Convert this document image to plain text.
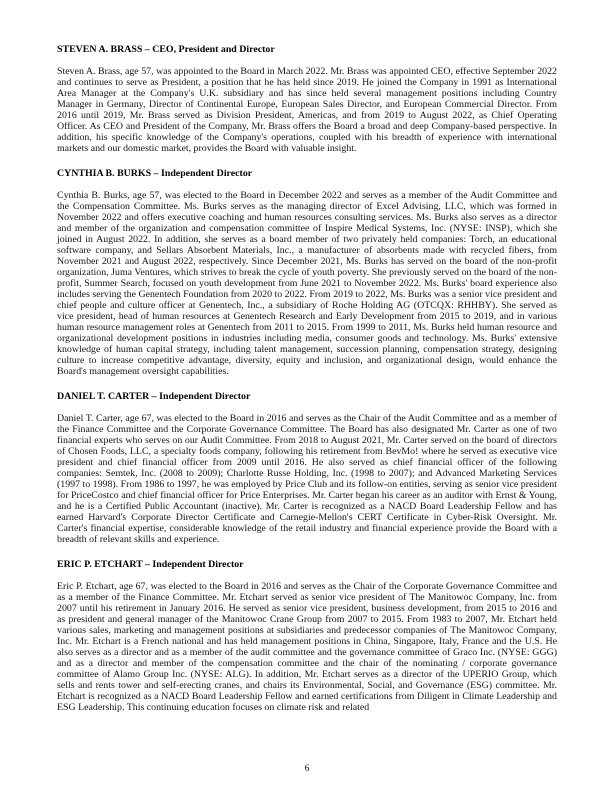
STEVEN A. BRASS – CEO, President and Director

Steven A. Brass, age 57, was appointed to the Board in March 2022. Mr. Brass was appointed CEO, effective September 2022 and continues to serve as President, a position that he has held since 2019. He joined the Company in 1991 as International Area Manager at the Company's U.K. subsidiary and has since held several management positions including Country Manager in Germany, Director of Continental Europe, European Sales Director, and European Commercial Director. From 2016 until 2019, Mr. Brass served as Division President, Americas, and from 2019 to August 2022, as Chief Operating Officer. As CEO and President of the Company, Mr. Brass offers the Board a broad and deep Company-based perspective. In addition, his specific knowledge of the Company's operations, coupled with his breadth of experience with international markets and our domestic market, provides the Board with valuable insight.

CYNTHIA B. BURKS – Independent Director

Cynthia B. Burks, age 57, was elected to the Board in December 2022 and serves as a member of the Audit Committee and the Compensation Committee. Ms. Burks serves as the managing director of Excel Advising, LLC, which was formed in November 2022 and offers executive coaching and human resources consulting services. Ms. Burks also serves as a director and member of the organization and compensation committee of Inspire Medical Systems, Inc. (NYSE: INSP), which she joined in August 2022. In addition, she serves as a board member of two privately held companies: Torch, an educational software company, and Sellars Absorbent Materials, Inc., a manufacturer of absorbents made with recycled fibers, from November 2021 and August 2022, respectively. Since December 2021, Ms. Burks has served on the board of the non-profit organization, Juma Ventures, which strives to break the cycle of youth poverty. She previously served on the board of the non-profit, Summer Search, focused on youth development from June 2021 to November 2022. Ms. Burks' board experience also includes serving the Genentech Foundation from 2020 to 2022. From 2019 to 2022, Ms. Burks was a senior vice president and chief people and culture officer at Genentech, Inc., a subsidiary of Roche Holding AG (OTCQX: RHHBY). She served as vice president, head of human resources at Genentech Research and Early Development from 2015 to 2019, and in various human resource management roles at Genentech from 2011 to 2015. From 1999 to 2011, Ms. Burks held human resource and organizational development positions in industries including media, consumer goods and technology. Ms. Burks' extensive knowledge of human capital strategy, including talent management, succession planning, compensation strategy, designing culture to increase competitive advantage, diversity, equity and inclusion, and organizational design, would enhance the Board's management oversight capabilities.

DANIEL T. CARTER – Independent Director

Daniel T. Carter, age 67, was elected to the Board in 2016 and serves as the Chair of the Audit Committee and as a member of the Finance Committee and the Corporate Governance Committee. The Board has also designated Mr. Carter as one of two financial experts who serves on our Audit Committee. From 2018 to August 2021, Mr. Carter served on the board of directors of Chosen Foods, LLC, a specialty foods company, following his retirement from BevMo! where he served as executive vice president and chief financial officer from 2009 until 2016. He also served as chief financial officer of the following companies: Semtek, Inc. (2008 to 2009); Charlotte Russe Holding, Inc. (1998 to 2007); and Advanced Marketing Services (1997 to 1998). From 1986 to 1997, he was employed by Price Club and its follow-on entities, serving as senior vice president for PriceCostco and chief financial officer for Price Enterprises. Mr. Carter began his career as an auditor with Ernst & Young, and he is a Certified Public Accountant (inactive). Mr. Carter is recognized as a NACD Board Leadership Fellow and has earned Harvard's Corporate Director Certificate and Carnegie-Mellon's CERT Certificate in Cyber-Risk Oversight. Mr. Carter's financial expertise, considerable knowledge of the retail industry and financial experience provide the Board with a breadth of relevant skills and experience.

ERIC P. ETCHART – Independent Director

Eric P. Etchart, age 67, was elected to the Board in 2016 and serves as the Chair of the Corporate Governance Committee and as a member of the Finance Committee. Mr. Etchart served as senior vice president of The Manitowoc Company, Inc. from 2007 until his retirement in January 2016. He served as senior vice president, business development, from 2015 to 2016 and as president and general manager of the Manitowoc Crane Group from 2007 to 2015. From 1983 to 2007, Mr. Etchart held various sales, marketing and management positions at subsidiaries and predecessor companies of The Manitowoc Company, Inc. Mr. Etchart is a French national and has held management positions in China, Singapore, Italy, France and the U.S. He also serves as a director and as a member of the audit committee and the governance committee of Graco Inc. (NYSE: GGG) and as a director and member of the compensation committee and the chair of the nominating / corporate governance committee of Alamo Group Inc. (NYSE: ALG). In addition, Mr. Etchart serves as a director of the UPERIO Group, which sells and rents tower and self-erecting cranes, and chairs its Environmental, Social, and Governance (ESG) committee. Mr. Etchart is recognized as a NACD Board Leadership Fellow and earned certifications from Diligent in Climate Leadership and ESG Leadership. This continuing education focuses on climate risk and related

6
